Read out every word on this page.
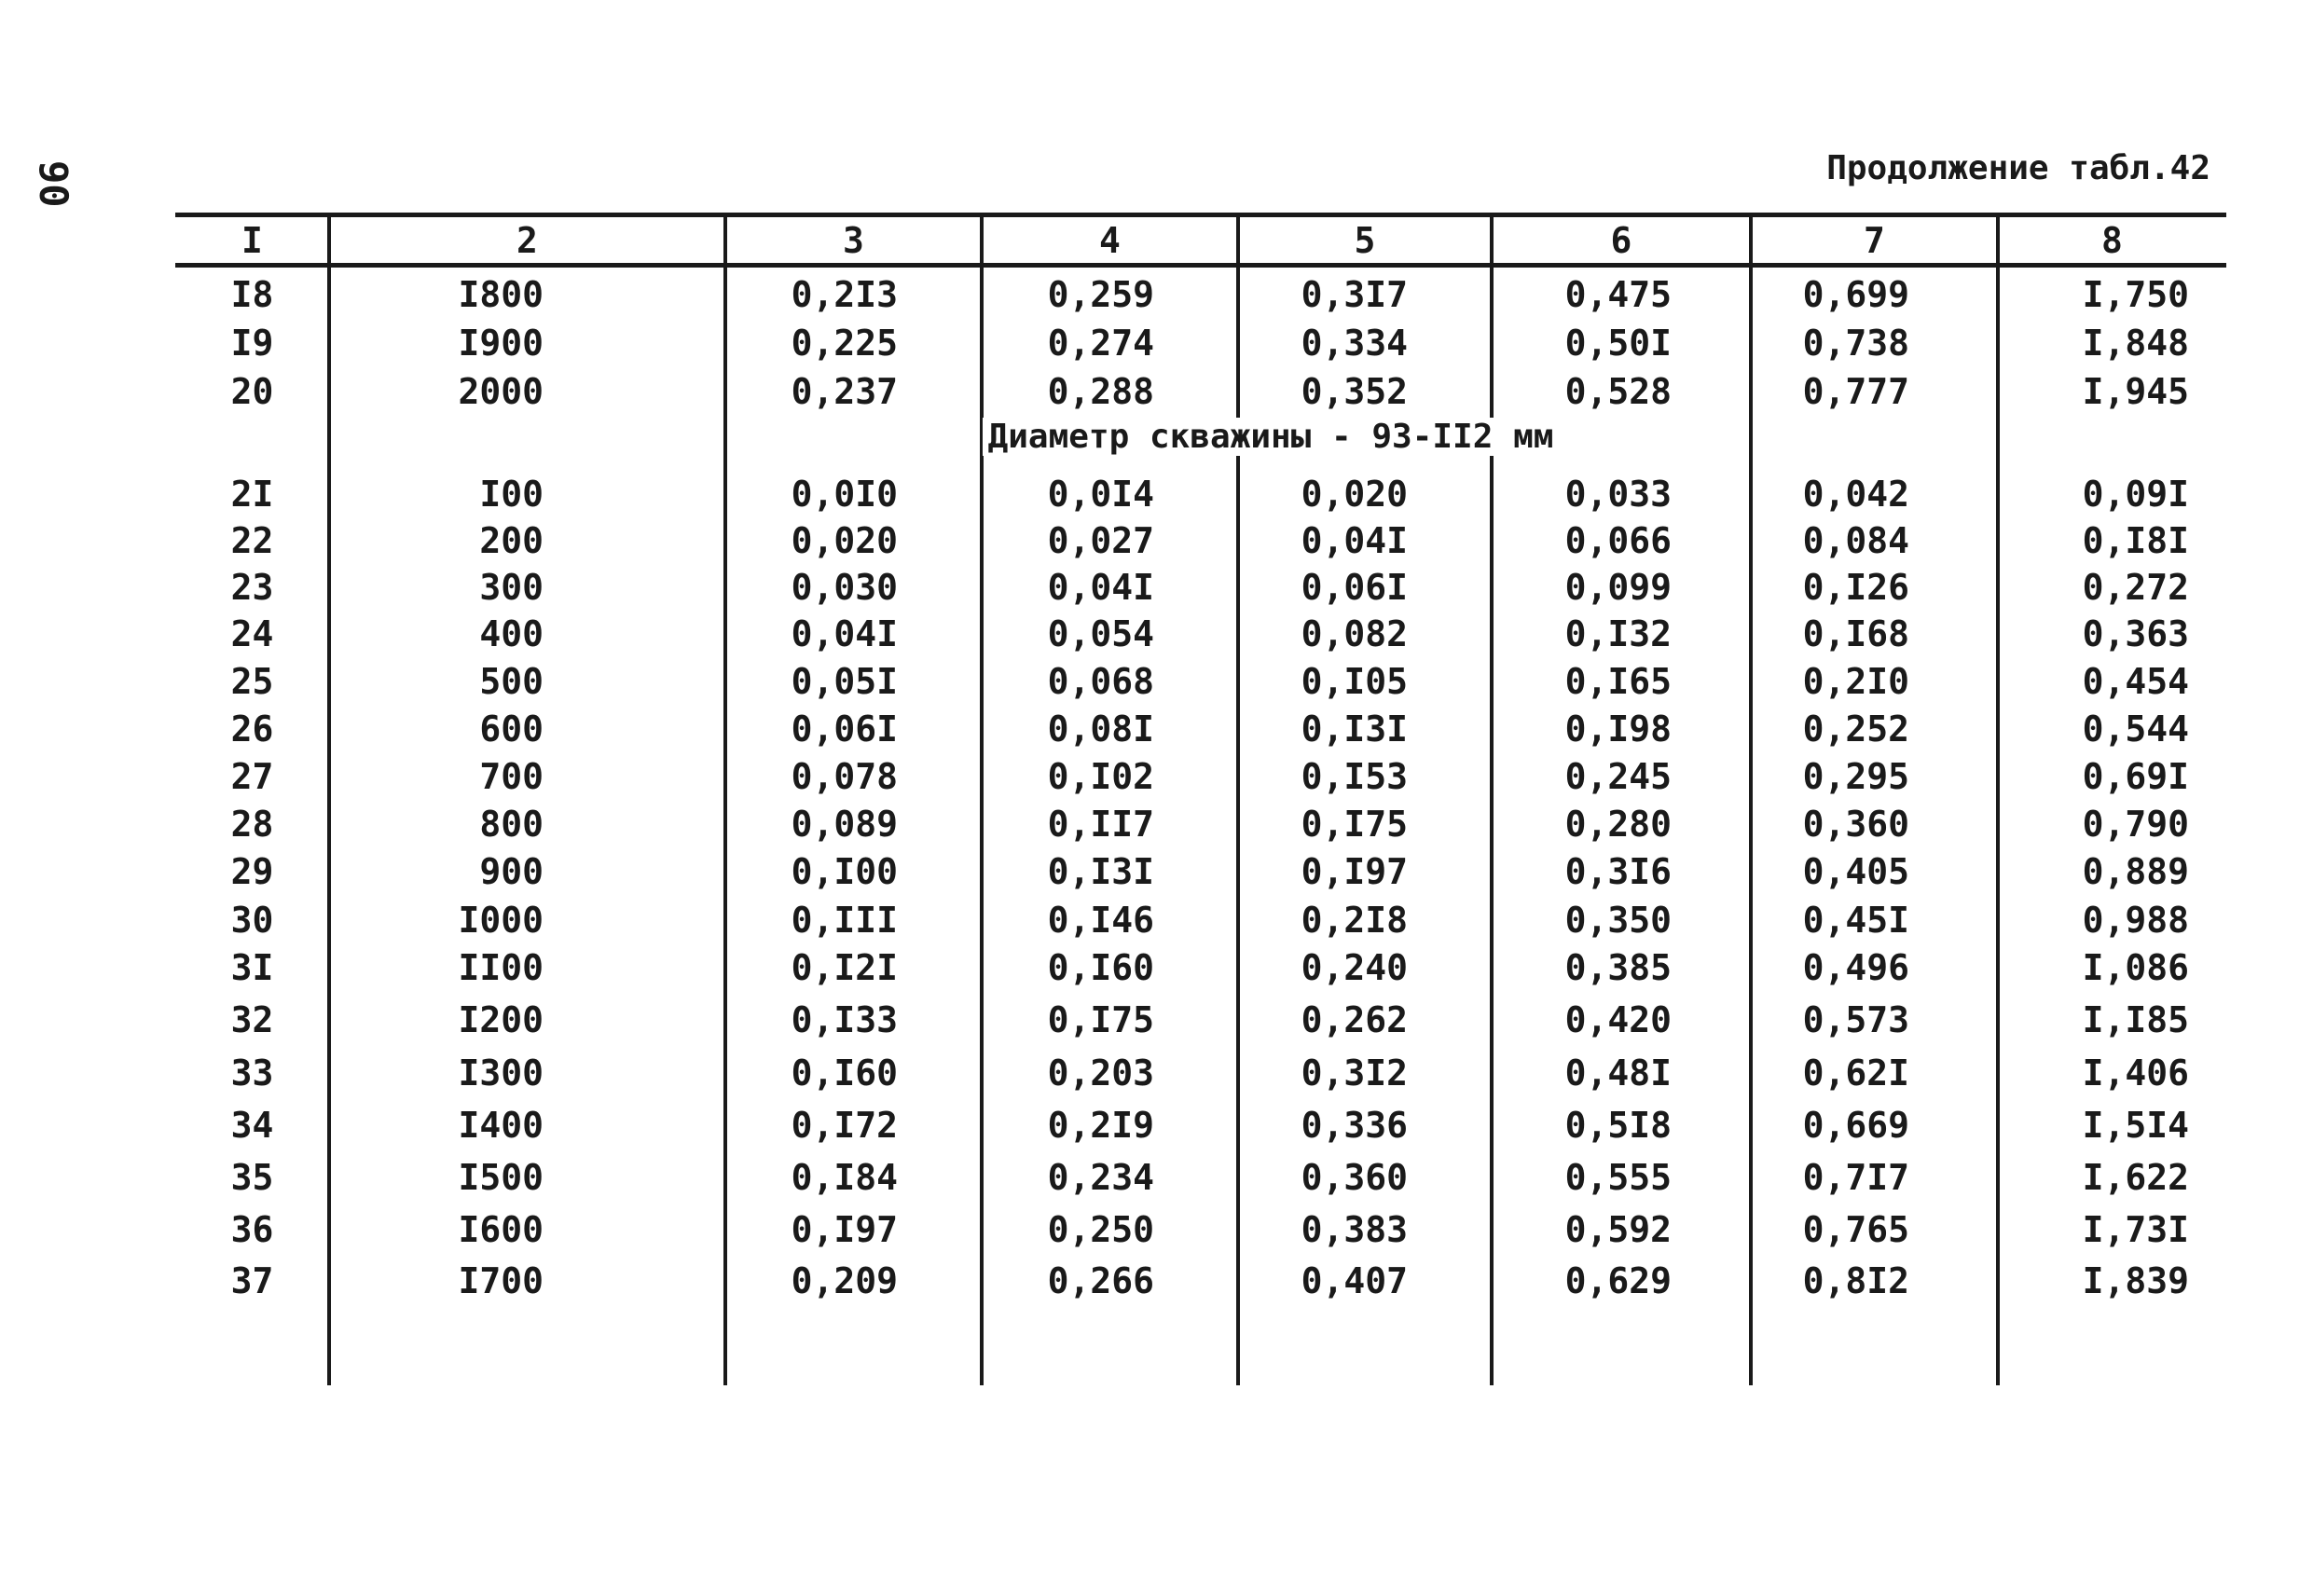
90	Продолжение табл.42
I	2	3	4	5	6	7	8
I8	I800	0,2I3	0,259	0,3I7	0,475	0,699	I,750
I9	I900	0,225	0,274	0,334	0,50I	0,738	I,848
20	2000	0,237	0,288	0,352	0,528	0,777	I,945
Диаметр скважины - 93-II2 мм
2I	I00	0,0I0	0,0I4	0,020	0,033	0,042	0,09I
22	200	0,020	0,027	0,04I	0,066	0,084	0,I8I
23	300	0,030	0,04I	0,06I	0,099	0,I26	0,272
24	400	0,04I	0,054	0,082	0,I32	0,I68	0,363
25	500	0,05I	0,068	0,I05	0,I65	0,2I0	0,454
26	600	0,06I	0,08I	0,I3I	0,I98	0,252	0,544
27	700	0,078	0,I02	0,I53	0,245	0,295	0,69I
28	800	0,089	0,II7	0,I75	0,280	0,360	0,790
29	900	0,I00	0,I3I	0,I97	0,3I6	0,405	0,889
30	I000	0,III	0,I46	0,2I8	0,350	0,45I	0,988
3I	II00	0,I2I	0,I60	0,240	0,385	0,496	I,086
32	I200	0,I33	0,I75	0,262	0,420	0,573	I,I85
33	I300	0,I60	0,203	0,3I2	0,48I	0,62I	I,406
34	I400	0,I72	0,2I9	0,336	0,5I8	0,669	I,5I4
35	I500	0,I84	0,234	0,360	0,555	0,7I7	I,622
36	I600	0,I97	0,250	0,383	0,592	0,765	I,73I
37	I700	0,209	0,266	0,407	0,629	0,8I2	I,839
